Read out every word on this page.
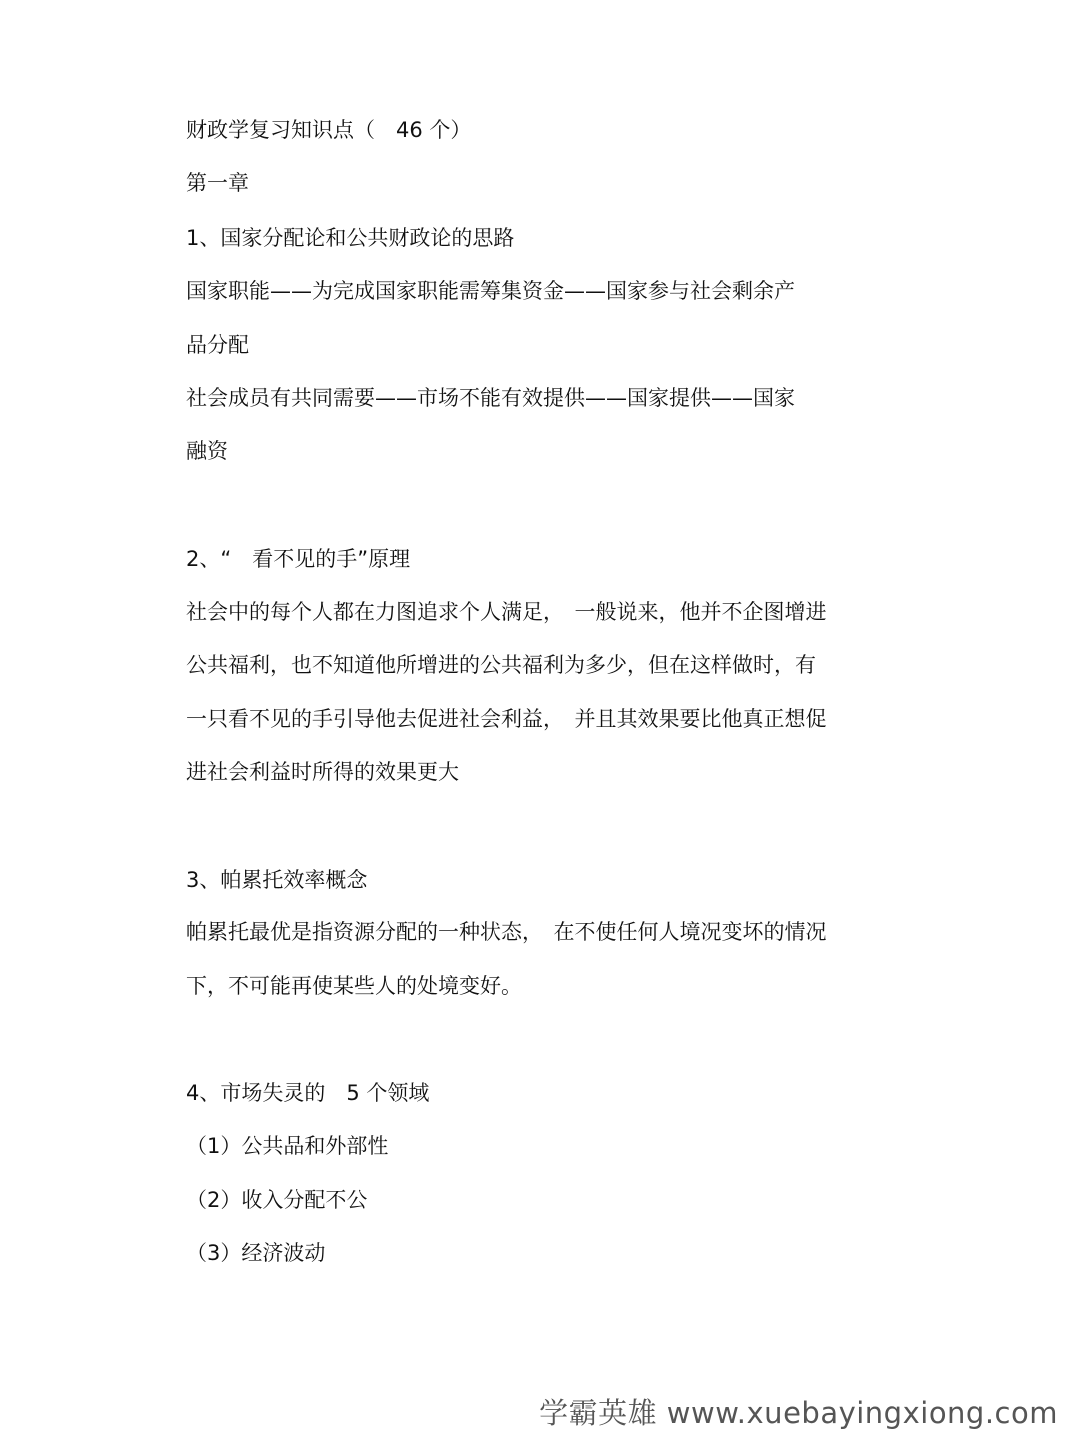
财政学复习知识点（　46 个）
第一章
1、国家分配论和公共财政论的思路
国家职能——为完成国家职能需筹集资金——国家参与社会剩余产
品分配
社会成员有共同需要——市场不能有效提供——国家提供——国家
融资
2、“　看不见的手”原理
社会中的每个人都在力图追求个人满足，　一般说来，他并不企图增进
公共福利，也不知道他所增进的公共福利为多少，但在这样做时，有
一只看不见的手引导他去促进社会利益，　并且其效果要比他真正想促
进社会利益时所得的效果更大
3、帕累托效率概念
帕累托最优是指资源分配的一种状态，　在不使任何人境况变坏的情况
下，不可能再使某些人的处境变好。
4、市场失灵的　5 个领域
（1）公共品和外部性
（2）收入分配不公
（3）经济波动
学霸英雄 www.xuebayingxiong.com
